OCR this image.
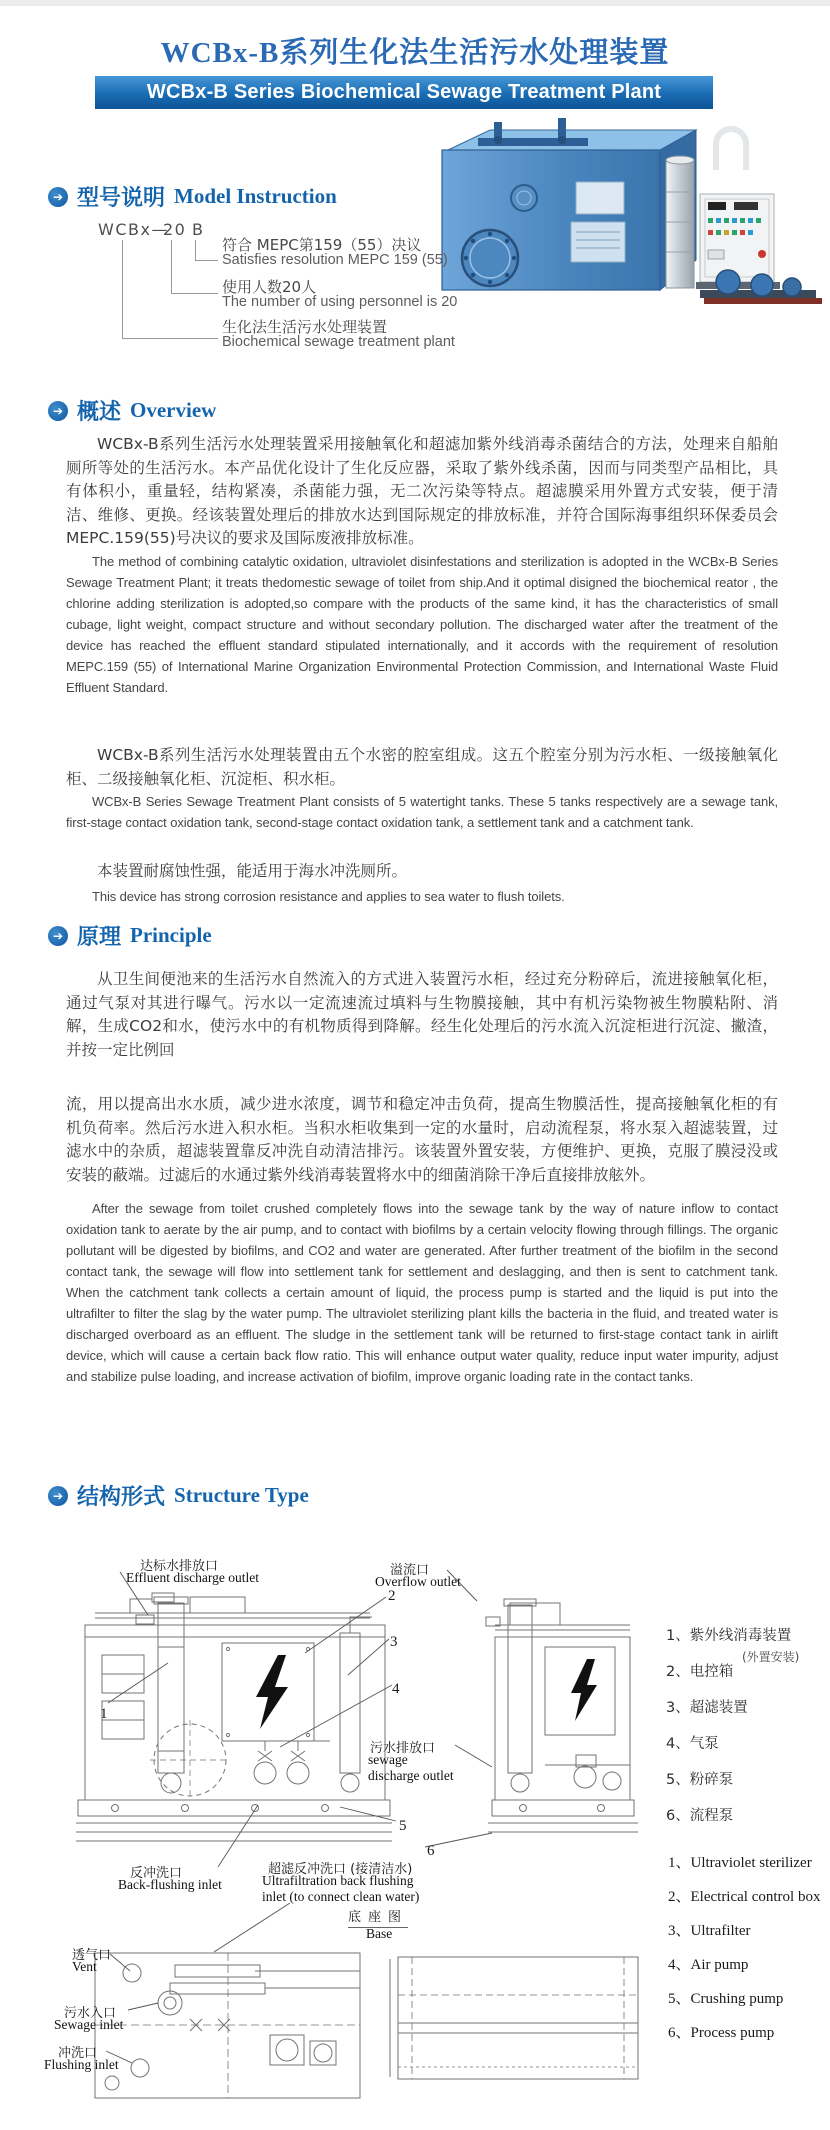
WCBx-B系列生化法生活污水处理装置
WCBx-B Series Biochemical Sewage Treatment Plant
➔ 型号说明 Model Instruction
WCBx—
20 B
符合 MEPC第159（55）决议
Satisfies resolution MEPC 159 (55)
使用人数20人
The number of using personnel is 20
生化法生活污水处理装置
Biochemical sewage treatment plant
➔ 概述 Overview
WCBx-B系列生活污水处理装置采用接触氧化和超滤加紫外线消毒杀菌结合的方法，处理来自船舶厕所等处的生活污水。本产品优化设计了生化反应器，采取了紫外线杀菌，因而与同类型产品相比，具有体积小，重量轻，结构紧凑，杀菌能力强，无二次污染等特点。超滤膜采用外置方式安装，便于清洁、维修、更换。经该装置处理后的排放水达到国际规定的排放标准，并符合国际海事组织环保委员会MEPC.159(55)号决议的要求及国际废液排放标准。
The method of combining catalytic oxidation, ultraviolet disinfestations and sterilization is adopted in the WCBx-B Series Sewage Treatment Plant; it treats thedomestic sewage of toilet from ship.And it optimal disigned the biochemical reator , the chlorine adding sterilization is adopted,so compare with the products of the same kind, it has the characteristics of small cubage, light weight, compact structure and without secondary pollution. The discharged water after the treatment of the device has reached the effluent standard stipulated internationally, and it accords with the requirement of resolution MEPC.159 (55) of International Marine Organization Environmental Protection Commission, and International Waste Fluid Effluent Standard.
WCBx-B系列生活污水处理装置由五个水密的腔室组成。这五个腔室分别为污水柜、一级接触氧化柜、二级接触氧化柜、沉淀柜、积水柜。
WCBx-B Series Sewage Treatment Plant consists of 5 watertight tanks. These 5 tanks respectively are a sewage tank, first-stage contact oxidation tank, second-stage contact oxidation tank, a settlement tank and a catchment tank.
本装置耐腐蚀性强，能适用于海水冲洗厕所。
This device has strong corrosion resistance and applies to sea water to flush toilets.
➔ 原理 Principle
从卫生间便池来的生活污水自然流入的方式进入装置污水柜，经过充分粉碎后，流进接触氧化柜，通过气泵对其进行曝气。污水以一定流速流过填料与生物膜接触，其中有机污染物被生物膜粘附、消解，生成CO2和水，使污水中的有机物质得到降解。经生化处理后的污水流入沉淀柜进行沉淀、撇渣，并按一定比例回
流，用以提高出水水质，减少进水浓度，调节和稳定冲击负荷，提高生物膜活性，提高接触氧化柜的有机负荷率。然后污水进入积水柜。当积水柜收集到一定的水量时，启动流程泵，将水泵入超滤装置，过滤水中的杂质，超滤装置靠反冲洗自动清洁排污。该装置外置安装，方便维护、更换，克服了膜浸没或安装的蔽端。过滤后的水通过紫外线消毒装置将水中的细菌消除干净后直接排放舷外。
After the sewage from toilet crushed completely flows into the sewage tank by the way of nature inflow to contact oxidation tank to aerate by the air pump, and to contact with biofilms by a certain velocity flowing through fillings. The organic pollutant will be digested by biofilms, and CO2 and water are generated. After further treatment of the biofilm in the second contact tank, the sewage will flow into settlement tank for settlement and deslagging, and then is sent to catchment tank. When the catchment tank collects a certain amount of liquid, the process pump is started and the liquid is put into the ultrafilter to filter the slag by the water pump. The ultraviolet sterilizing plant kills the bacteria in the fluid, and treated water is discharged overboard as an effluent. The sludge in the settlement tank will be returned to first-stage contact tank in airlift device, which will cause a certain back flow ratio. This will enhance output water quality, reduce input water impurity, adjust and stabilize pulse loading, and increase activation of biofilm, improve organic loading rate in the contact tanks.
➔ 结构形式 Structure Type
达标水排放口
Effluent discharge outlet	溢流口
Overflow outlet
污水排放口
sewage discharge outlet
反冲洗口
Back-flushing inlet
超滤反冲洗口 (接清洁水)
Ultrafiltration back flushing inlet (to connect clean water)
底座图
Base
透气口
Vent
污水入口
Sewage inlet
冲洗口
Flushing inlet
1
2
3
4
5
6
1、紫外线消毒装置
(外置安装)
2、电控箱
3、超滤装置
4、气泵
5、粉碎泵
6、流程泵
1、Ultraviolet sterilizer
2、Electrical control box
3、Ultrafilter
4、Air pump
5、Crushing pump
6、Process pump
